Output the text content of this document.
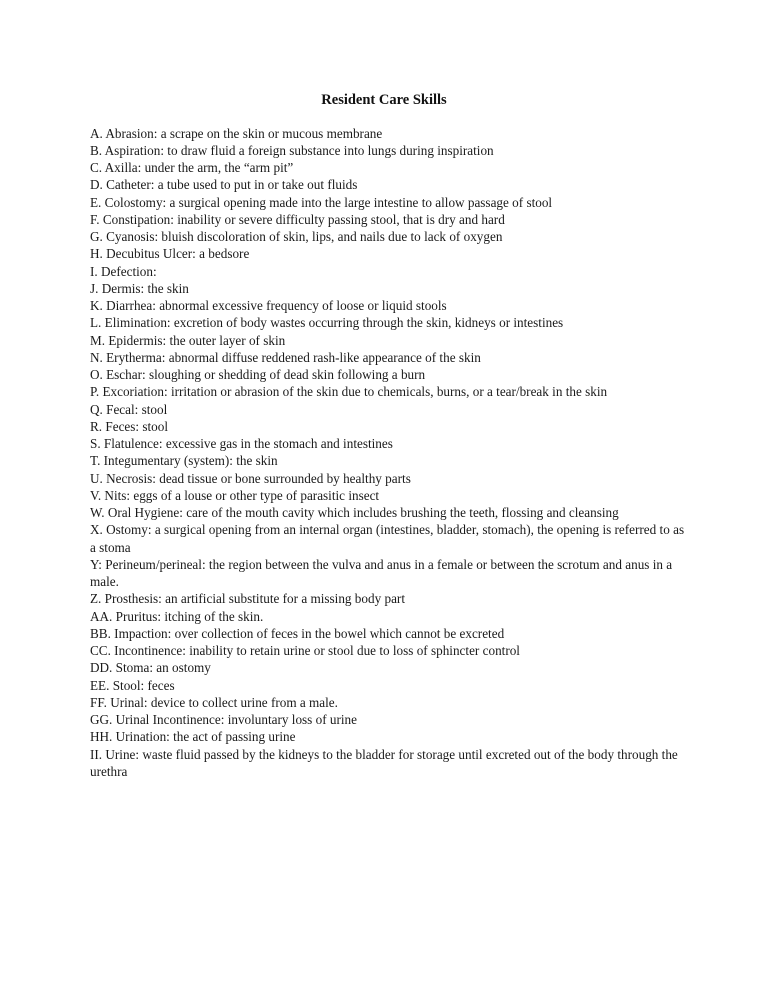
Resident Care Skills
A. Abrasion: a scrape on the skin or mucous membrane
B. Aspiration: to draw fluid a foreign substance into lungs during inspiration
C. Axilla: under the arm, the “arm pit”
D. Catheter: a tube used to put in or take out fluids
E. Colostomy: a surgical opening made into the large intestine to allow passage of stool
F. Constipation: inability or severe difficulty passing stool, that is dry and hard
G. Cyanosis: bluish discoloration of skin, lips, and nails due to lack of oxygen
H. Decubitus Ulcer: a bedsore
I. Defection:
J. Dermis: the skin
K. Diarrhea: abnormal excessive frequency of loose or liquid stools
L. Elimination: excretion of body wastes occurring through the skin, kidneys or intestines
M. Epidermis: the outer layer of skin
N. Erytherma: abnormal diffuse reddened rash-like appearance of the skin
O. Eschar: sloughing or shedding of dead skin following a burn
P. Excoriation: irritation or abrasion of the skin due to chemicals, burns, or a tear/break in the skin
Q. Fecal: stool
R. Feces: stool
S. Flatulence: excessive gas in the stomach and intestines
T. Integumentary (system): the skin
U. Necrosis: dead tissue or bone surrounded by healthy parts
V. Nits: eggs of a louse or other type of parasitic insect
W. Oral Hygiene: care of the mouth cavity which includes brushing the teeth, flossing and cleansing
X. Ostomy: a surgical opening from an internal organ (intestines, bladder, stomach), the opening is referred to as a stoma
Y: Perineum/perineal: the region between the vulva and anus in a female or between the scrotum and anus in a male.
Z. Prosthesis: an artificial substitute for a missing body part
AA. Pruritus: itching of the skin.
BB. Impaction: over collection of feces in the bowel which cannot be excreted
CC. Incontinence: inability to retain urine or stool due to loss of sphincter control
DD. Stoma: an ostomy
EE. Stool: feces
FF. Urinal: device to collect urine from a male.
GG. Urinal Incontinence: involuntary loss of urine
HH. Urination: the act of passing urine
II. Urine: waste fluid passed by the kidneys to the bladder for storage until excreted out of the body through the urethra
